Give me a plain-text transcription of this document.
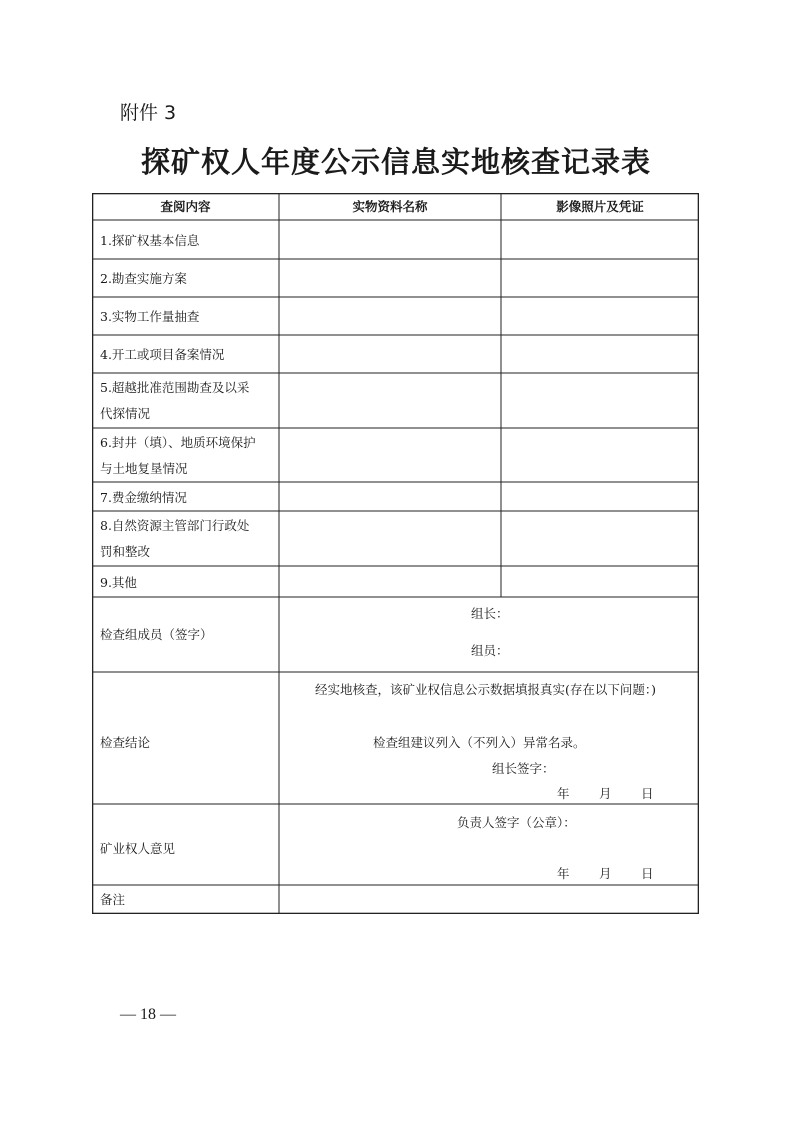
附件 3
探矿权人年度公示信息实地核查记录表
查阅内容	实物资料名称	影像照片及凭证
1.探矿权基本信息
2.勘查实施方案
3.实物工作量抽查
4.开工或项目备案情况
5.超越批准范围勘查及以采
代探情况
6.封井（填）、地质环境保护
与土地复垦情况
7.费金缴纳情况
8.自然资源主管部门行政处
罚和整改
9.其他
检查组成员（签字）
组长：
组员：
检查结论
经实地核查，该矿业权信息公示数据填报真实(存在以下问题：)
检查组建议列入（不列入）异常名录。
组长签字：
年 月 日
矿业权人意见
负责人签字（公章）：
年 月 日
备注
— 18 —
